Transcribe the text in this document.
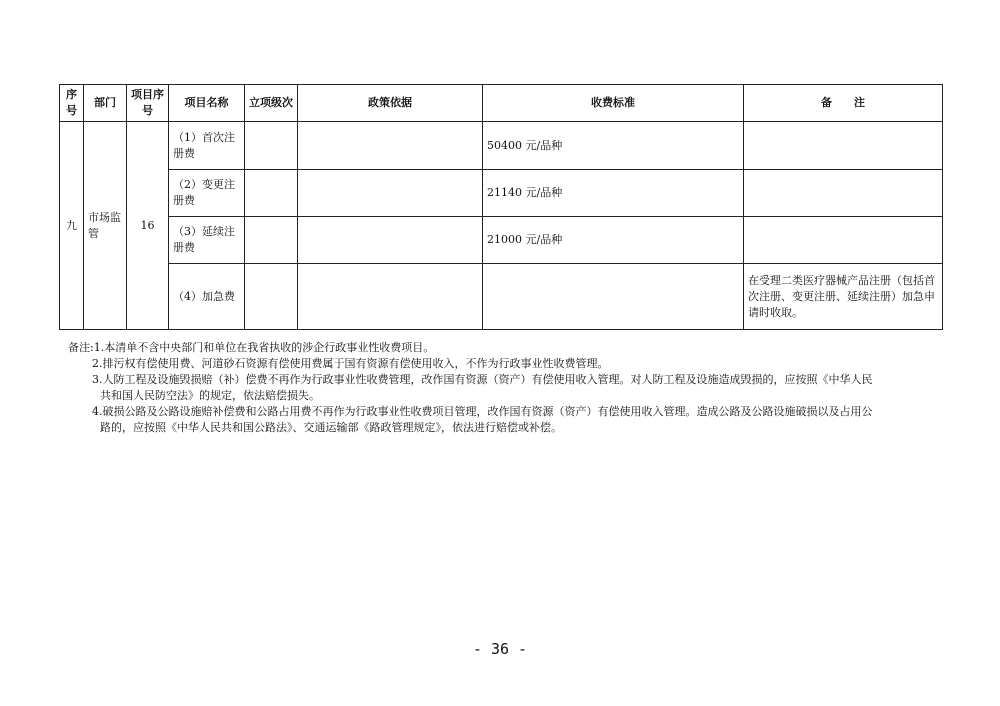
序号	部门	项目序号	项目名称	立项级次	政策依据	收费标准	备　　注
九	市场监管	16	（1）首次注册费			50400 元/品种	
			（2）变更注册费			21140 元/品种	
			（3）延续注册费			21000 元/品种	
			（4）加急费				在受理二类医疗器械产品注册（包括首次注册、变更注册、延续注册）加急申请时收取。
备注:1.本清单不含中央部门和单位在我省执收的涉企行政事业性收费项目。
2.排污权有偿使用费、河道砂石资源有偿使用费属于国有资源有偿使用收入，不作为行政事业性收费管理。
3.人防工程及设施毁损赔（补）偿费不再作为行政事业性收费管理，改作国有资源（资产）有偿使用收入管理。对人防工程及设施造成毁损的，应按照《中华人民
共和国人民防空法》的规定，依法赔偿损失。
4.破损公路及公路设施赔补偿费和公路占用费不再作为行政事业性收费项目管理，改作国有资源（资产）有偿使用收入管理。造成公路及公路设施破损以及占用公
路的，应按照《中华人民共和国公路法》、交通运输部《路政管理规定》，依法进行赔偿或补偿。
- 36 -
